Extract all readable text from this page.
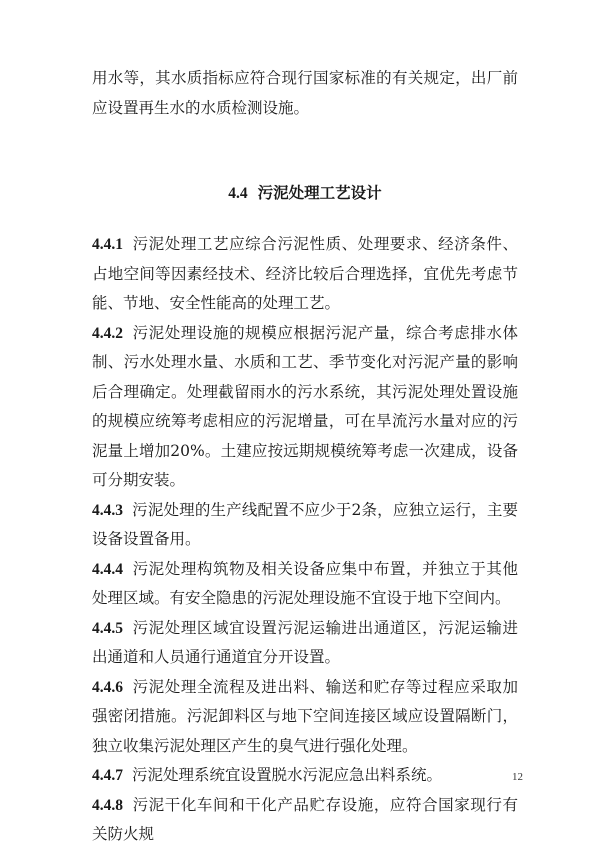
用水等，其水质指标应符合现行国家标准的有关规定，出厂前应设置再生水的水质检测设施。

4.4 污泥处理工艺设计

4.4.1 污泥处理工艺应综合污泥性质、处理要求、经济条件、占地空间等因素经技术、经济比较后合理选择，宜优先考虑节能、节地、安全性能高的处理工艺。

4.4.2 污泥处理设施的规模应根据污泥产量，综合考虑排水体制、污水处理水量、水质和工艺、季节变化对污泥产量的影响后合理确定。处理截留雨水的污水系统，其污泥处理处置设施的规模应统筹考虑相应的污泥增量，可在旱流污水量对应的污泥量上增加20%。土建应按远期规模统筹考虑一次建成，设备可分期安装。

4.4.3 污泥处理的生产线配置不应少于2条，应独立运行，主要设备设置备用。

4.4.4 污泥处理构筑物及相关设备应集中布置，并独立于其他处理区域。有安全隐患的污泥处理设施不宜设于地下空间内。

4.4.5 污泥处理区域宜设置污泥运输进出通道区，污泥运输进出通道和人员通行通道宜分开设置。

4.4.6 污泥处理全流程及进出料、输送和贮存等过程应采取加强密闭措施。污泥卸料区与地下空间连接区域应设置隔断门，独立收集污泥处理区产生的臭气进行强化处理。

4.4.7 污泥处理系统宜设置脱水污泥应急出料系统。

4.4.8 污泥干化车间和干化产品贮存设施，应符合国家现行有关防火规

12
